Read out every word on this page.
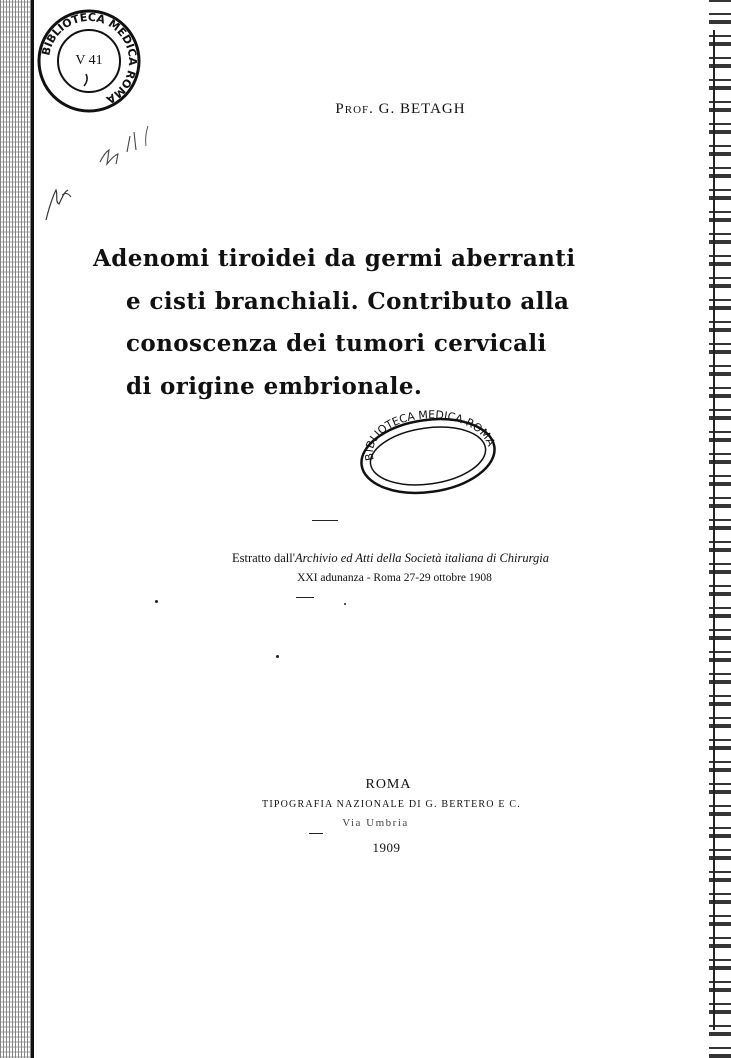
BIBLIOTECA MEDICA ROMA
V 41
Prof. G. BETAGH
Adenomi tiroidei da germi aberranti
e cisti branchiali. Contributo alla
conoscenza dei tumori cervicali
di origine embrionale.
BIBLIOTECA MEDICA ROMA
Estratto dall'Archivio ed Atti della Società italiana di Chirurgia
XXI adunanza - Roma 27-29 ottobre 1908
ROMA
TIPOGRAFIA NAZIONALE DI G. BERTERO E C.
Via Umbria
1909
